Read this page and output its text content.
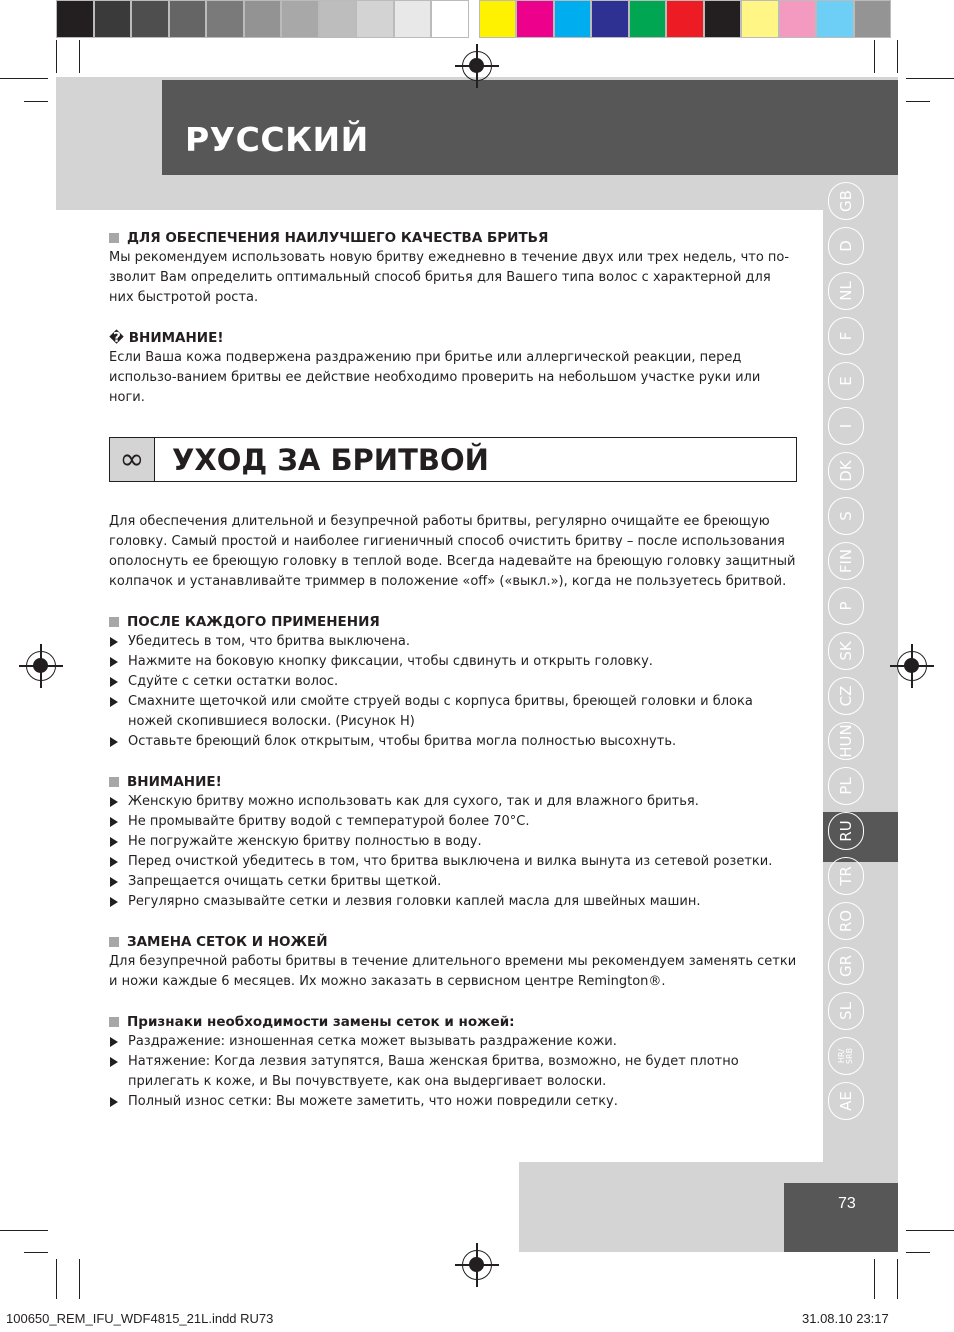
РУССКИЙ
GB
D
NL
F
E
I
DK
S
FIN
P
SK
CZ
HUN
PL
RU
TR
RO
GR
SL
HR/
SRB
AE
73
ДЛЯ ОБЕСПЕЧЕНИЯ НАИЛУЧШЕГО КАЧЕСТВА БРИТЬЯ
Мы рекомендуем использовать новую бритву ежедневно в течение двух или трех недель, что по-зволит Вам определить оптимальный способ бритья для Вашего типа волос с характерной для них быстротой роста.
� ВНИМАНИЕ!
Если Ваша кожа подвержена раздражению при бритье или аллергической реакции, перед использо-ванием бритвы ее действие необходимо проверить на небольшом участке руки или ноги.
∞ УХОД ЗА БРИТВОЙ
Для обеспечения длительной и безупречной работы бритвы, регулярно очищайте ее бреющую головку. Самый простой и наиболее гигиеничный способ очистить бритву – после использования ополоснуть ее бреющую головку в теплой воде. Всегда надевайте на бреющую головку защитный колпачок и устанавливайте триммер в положение «off» («выкл.»), когда не пользуетесь бритвой.
ПОСЛЕ КАЖДОГО ПРИМЕНЕНИЯ
Убедитесь в том, что бритва выключена.
Нажмите на боковую кнопку фиксации, чтобы сдвинуть и открыть головку.
Сдуйте с сетки остатки волос.
Смахните щеточкой или смойте струей воды с корпуса бритвы, бреющей головки и блока ножей скопившиеся волоски. (Рисунок H)
Оставьте бреющий блок открытым, чтобы бритва могла полностью высохнуть.
ВНИМАНИЕ!
Женскую бритву можно использовать как для сухого, так и для влажного бритья.
Не промывайте бритву водой с температурой более 70°C.
Не погружайте женскую бритву полностью в воду.
Перед очисткой убедитесь в том, что бритва выключена и вилка вынута из сетевой розетки.
Запрещается очищать сетки бритвы щеткой.
Регулярно смазывайте сетки и лезвия головки каплей масла для швейных машин.
ЗАМЕНА СЕТОК И НОЖЕЙ
Для безупречной работы бритвы в течение длительного времени мы рекомендуем заменять сетки и ножи каждые 6 месяцев. Их можно заказать в сервисном центре Remington®.
Признаки необходимости замены сеток и ножей:
Раздражение: изношенная сетка может вызывать раздражение кожи.
Натяжение: Когда лезвия затупятся, Ваша женская бритва, возможно, не будет плотно прилегать к коже, и Вы почувствуете, как она выдергивает волоски.
Полный износ сетки: Вы можете заметить, что ножи повредили сетку.
100650_REM_IFU_WDF4815_21L.indd RU73	31.08.10 23:17
